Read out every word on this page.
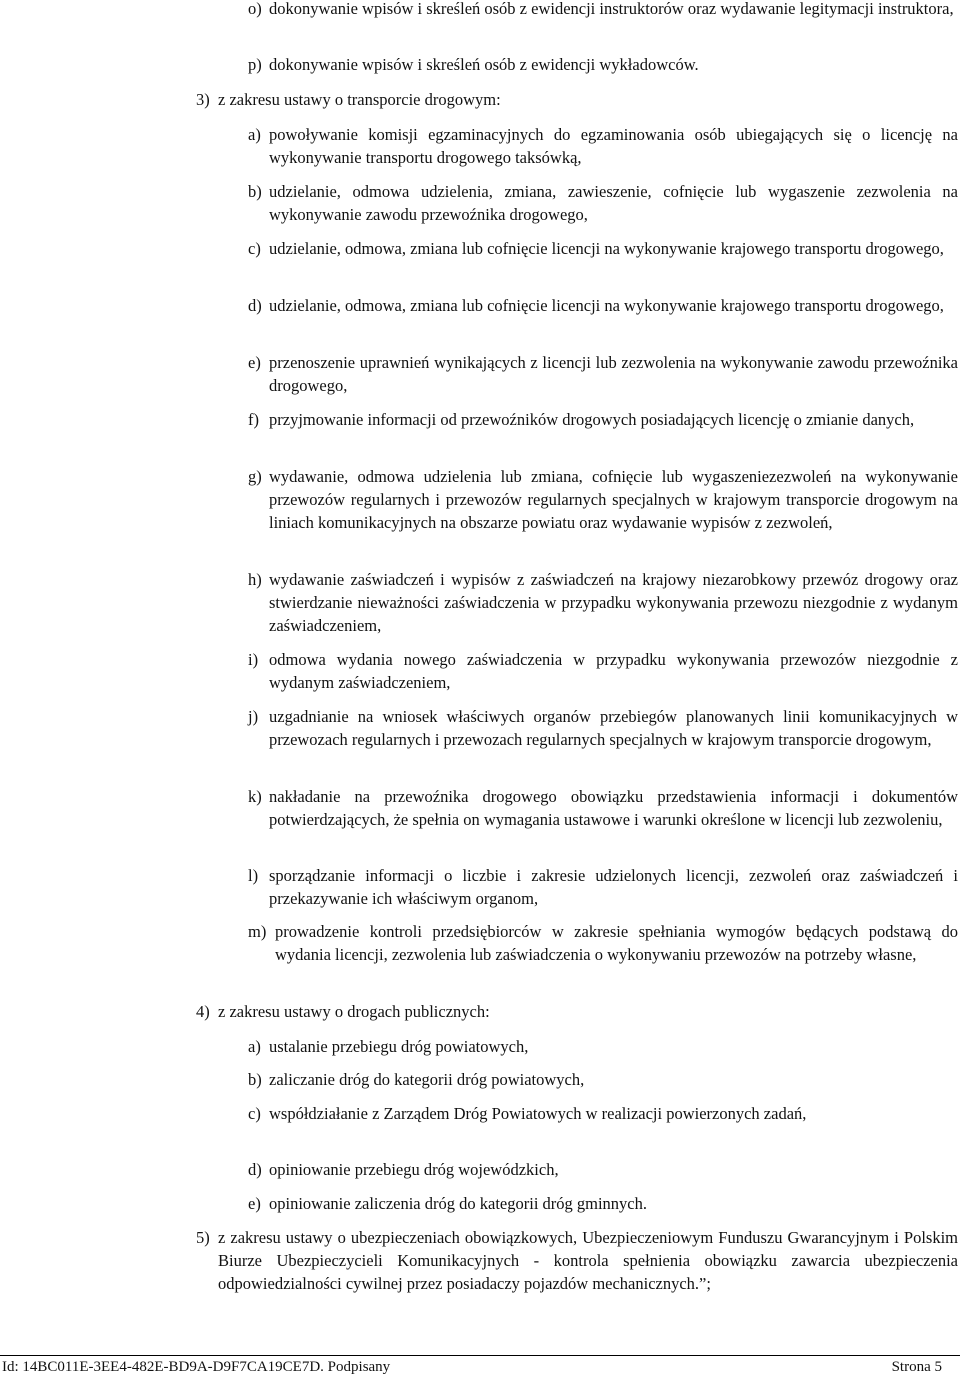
o) dokonywanie wpisów i skreśleń osób z ewidencji instruktorów oraz wydawanie legitymacji instruktora,
p) dokonywanie wpisów i skreśleń osób z ewidencji wykładowców.
3) z zakresu ustawy o transporcie drogowym:
a) powoływanie komisji egzaminacyjnych do egzaminowania osób ubiegających się o licencję na wykonywanie transportu drogowego taksówką,
b) udzielanie, odmowa udzielenia, zmiana, zawieszenie, cofnięcie lub wygaszenie zezwolenia na wykonywanie zawodu przewoźnika drogowego,
c) udzielanie, odmowa, zmiana lub cofnięcie licencji na wykonywanie krajowego transportu drogowego,
d) udzielanie, odmowa, zmiana lub cofnięcie licencji na wykonywanie krajowego transportu drogowego,
e) przenoszenie uprawnień wynikających z licencji lub zezwolenia na wykonywanie zawodu przewoźnika drogowego,
f) przyjmowanie informacji od przewoźników drogowych posiadających licencję o zmianie danych,
g) wydawanie, odmowa udzielenia lub zmiana, cofnięcie lub wygaszeniezezwoleń na wykonywanie przewozów regularnych i przewozów regularnych specjalnych w krajowym transporcie drogowym na liniach komunikacyjnych na obszarze powiatu oraz wydawanie wypisów z zezwoleń,
h) wydawanie zaświadczeń i wypisów z zaświadczeń na krajowy niezarobkowy przewóz drogowy oraz stwierdzanie nieważności zaświadczenia w przypadku wykonywania przewozu niezgodnie z wydanym zaświadczeniem,
i) odmowa wydania nowego zaświadczenia w przypadku wykonywania przewozów niezgodnie z wydanym zaświadczeniem,
j) uzgadnianie na wniosek właściwych organów przebiegów planowanych linii komunikacyjnych w przewozach regularnych i przewozach regularnych specjalnych w krajowym transporcie drogowym,
k) nakładanie na przewoźnika drogowego obowiązku przedstawienia informacji i dokumentów potwierdzających, że spełnia on wymagania ustawowe i warunki określone w licencji lub zezwoleniu,
l) sporządzanie informacji o liczbie i zakresie udzielonych licencji, zezwoleń oraz zaświadczeń i przekazywanie ich właściwym organom,
m) prowadzenie kontroli przedsiębiorców w zakresie spełniania wymogów będących podstawą do wydania licencji, zezwolenia lub zaświadczenia o wykonywaniu przewozów na potrzeby własne,
4) z zakresu ustawy o drogach publicznych:
a) ustalanie przebiegu dróg powiatowych,
b) zaliczanie dróg do kategorii dróg powiatowych,
c) współdziałanie z Zarządem Dróg Powiatowych w realizacji powierzonych zadań,
d) opiniowanie przebiegu dróg wojewódzkich,
e) opiniowanie zaliczenia dróg do kategorii dróg gminnych.
5) z zakresu ustawy o ubezpieczeniach obowiązkowych, Ubezpieczeniowym Funduszu Gwarancyjnym i Polskim Biurze Ubezpieczycieli Komunikacyjnych - kontrola spełnienia obowiązku zawarcia ubezpieczenia odpowiedzialności cywilnej przez posiadaczy pojazdów mechanicznych.”;
Id: 14BC011E-3EE4-482E-BD9A-D9F7CA19CE7D. Podpisany	Strona 5
